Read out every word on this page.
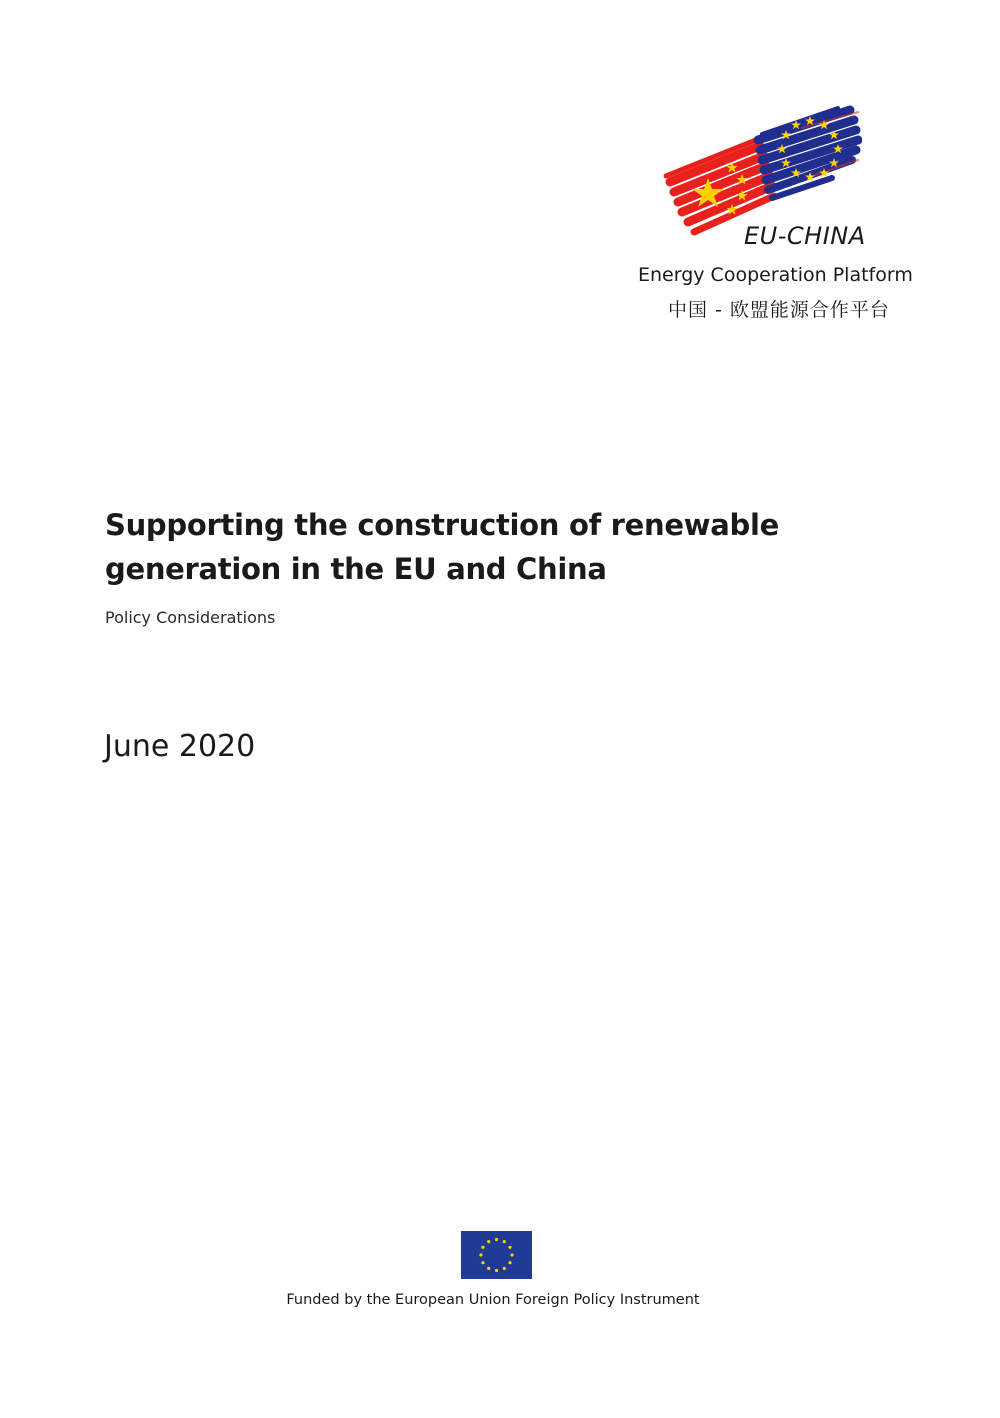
EU-CHINA
Energy Cooperation Platform
中国 - 欧盟能源合作平台
Supporting the construction of renewable generation in the EU and China

Policy Considerations

June 2020

Funded by the European Union Foreign Policy Instrument
